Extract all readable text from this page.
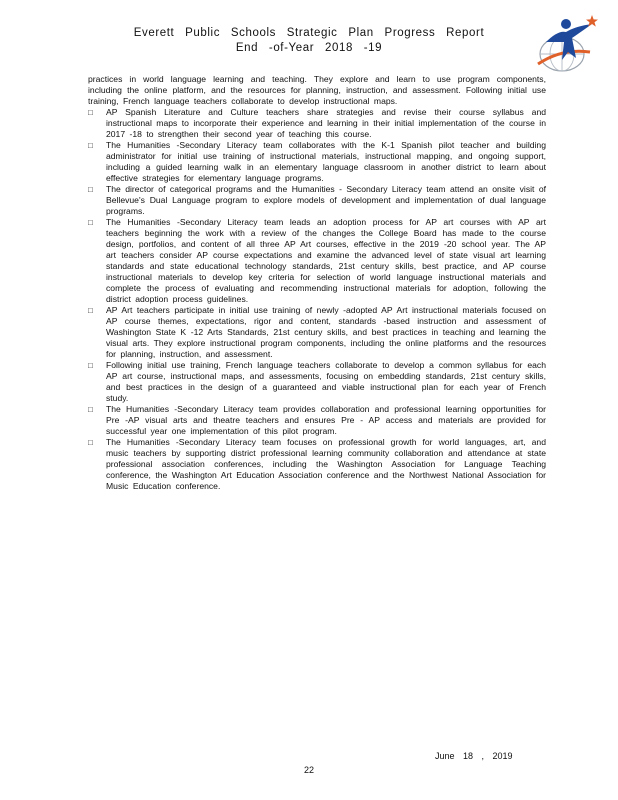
Everett Public Schools Strategic Plan Progress Report
End -of-Year 2018 -19

practices in world language learning and teaching. They explore and learn to use program components, including the online platform, and the resources for planning, instruction, and assessment. Following initial use training, French language teachers collaborate to develop instructional maps.

□ AP Spanish Literature and Culture teachers share strategies and revise their course syllabus and instructional maps to incorporate their experience and learning in their initial implementation of the course in 2017 -18 to strengthen their second year of teaching this course.
□ The Humanities -Secondary Literacy team collaborates with the K-1 Spanish pilot teacher and building administrator for initial use training of instructional materials, instructional mapping, and ongoing support, including a guided learning walk in an elementary language classroom in another district to learn about effective strategies for elementary language programs.
□ The director of categorical programs and the Humanities - Secondary Literacy team attend an onsite visit of Bellevue's Dual Language program to explore models of development and implementation of dual language programs.
□ The Humanities -Secondary Literacy team leads an adoption process for AP art courses with AP art teachers beginning the work with a review of the changes the College Board has made to the course design, portfolios, and content of all three AP Art courses, effective in the 2019 -20 school year. The AP art teachers consider AP course expectations and examine the advanced level of state visual art learning standards and state educational technology standards, 21st century skills, best practice, and AP course instructional materials to develop key criteria for selection of world language instructional materials and complete the process of evaluating and recommending instructional materials for adoption, following the district adoption process guidelines.
□ AP Art teachers participate in initial use training of newly -adopted AP Art instructional materials focused on AP course themes, expectations, rigor and content, standards -based instruction and assessment of Washington State K -12 Arts Standards, 21st century skills, and best practices in teaching and learning the visual arts. They explore instructional program components, including the online platforms and the resources for planning, instruction, and assessment.
□ Following initial use training, French language teachers collaborate to develop a common syllabus for each AP art course, instructional maps, and assessments, focusing on embedding standards, 21st century skills, and best practices in the design of a guaranteed and viable instructional plan for each year of French study.
□ The Humanities -Secondary Literacy team provides collaboration and professional learning opportunities for Pre -AP visual arts and theatre teachers and ensures Pre - AP access and materials are provided for successful year one implementation of this pilot program.
□ The Humanities -Secondary Literacy team focuses on professional growth for world languages, art, and music teachers by supporting district professional learning community collaboration and attendance at state professional association conferences, including the Washington Association for Language Teaching conference, the Washington Art Education Association conference and the Northwest National Association for Music Education conference.
June 18 , 2019
22
